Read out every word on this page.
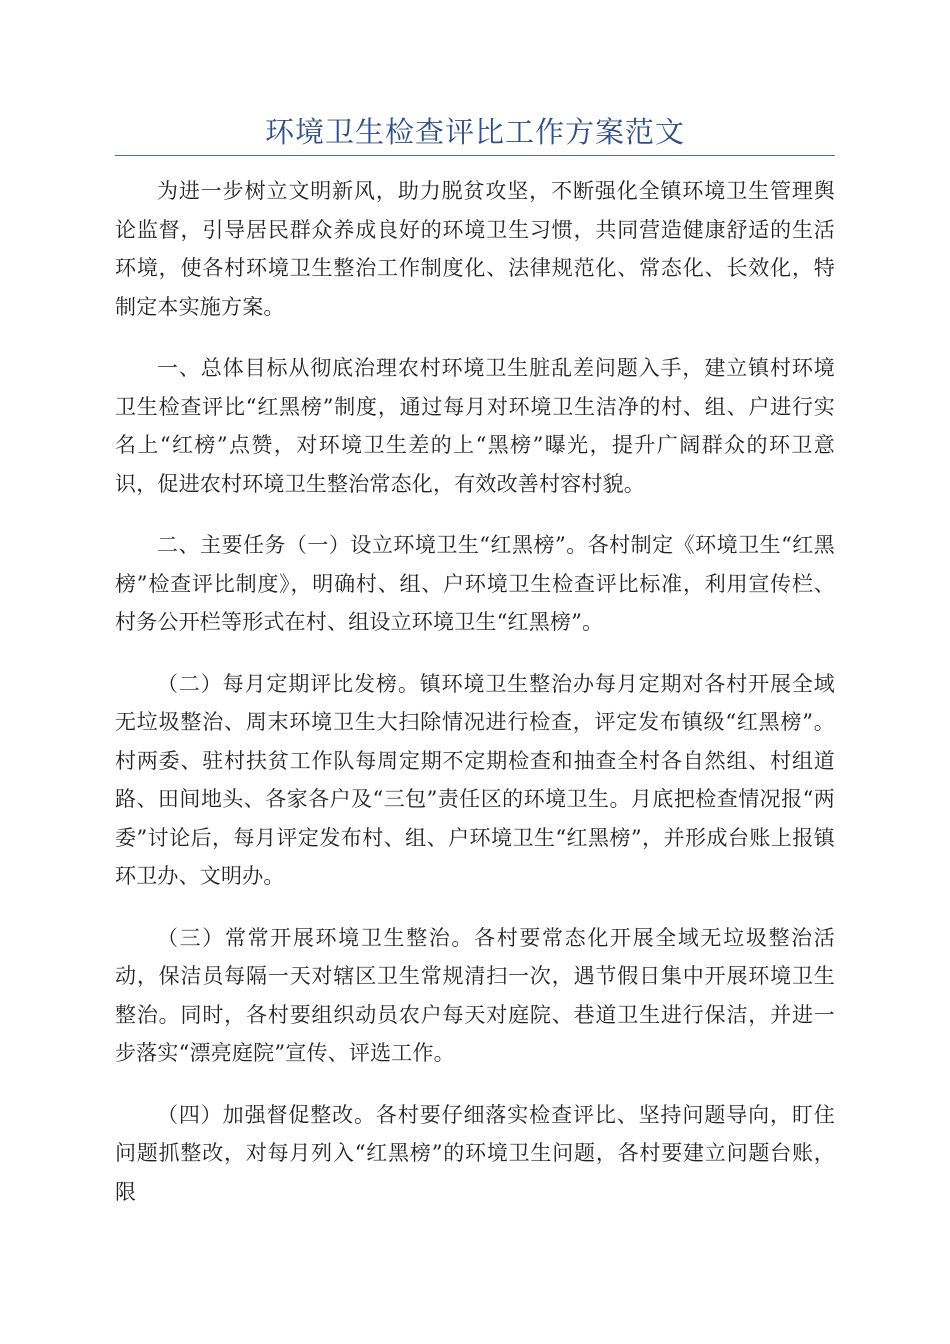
环境卫生检查评比工作方案范文

为进一步树立文明新风，助力脱贫攻坚，不断强化全镇环境卫生管理舆论监督，引导居民群众养成良好的环境卫生习惯，共同营造健康舒适的生活环境，使各村环境卫生整治工作制度化、法律规范化、常态化、长效化，特制定本实施方案。

一、总体目标从彻底治理农村环境卫生脏乱差问题入手，建立镇村环境卫生检查评比“红黑榜”制度，通过每月对环境卫生洁净的村、组、户进行实名上“红榜”点赞，对环境卫生差的上“黑榜”曝光，提升广阔群众的环卫意识，促进农村环境卫生整治常态化，有效改善村容村貌。

二、主要任务（一）设立环境卫生“红黑榜”。各村制定《环境卫生“红黑榜”检查评比制度》，明确村、组、户环境卫生检查评比标准，利用宣传栏、村务公开栏等形式在村、组设立环境卫生“红黑榜”。

（二）每月定期评比发榜。镇环境卫生整治办每月定期对各村开展全域无垃圾整治、周末环境卫生大扫除情况进行检查，评定发布镇级“红黑榜”。村两委、驻村扶贫工作队每周定期不定期检查和抽查全村各自然组、村组道路、田间地头、各家各户及“三包”责任区的环境卫生。月底把检查情况报“两委”讨论后，每月评定发布村、组、户环境卫生“红黑榜”，并形成台账上报镇环卫办、文明办。

（三）常常开展环境卫生整治。各村要常态化开展全域无垃圾整治活动，保洁员每隔一天对辖区卫生常规清扫一次，遇节假日集中开展环境卫生整治。同时，各村要组织动员农户每天对庭院、巷道卫生进行保洁，并进一步落实“漂亮庭院”宣传、评选工作。

（四）加强督促整改。各村要仔细落实检查评比、坚持问题导向，盯住问题抓整改，对每月列入“红黑榜”的环境卫生问题，各村要建立问题台账，限
